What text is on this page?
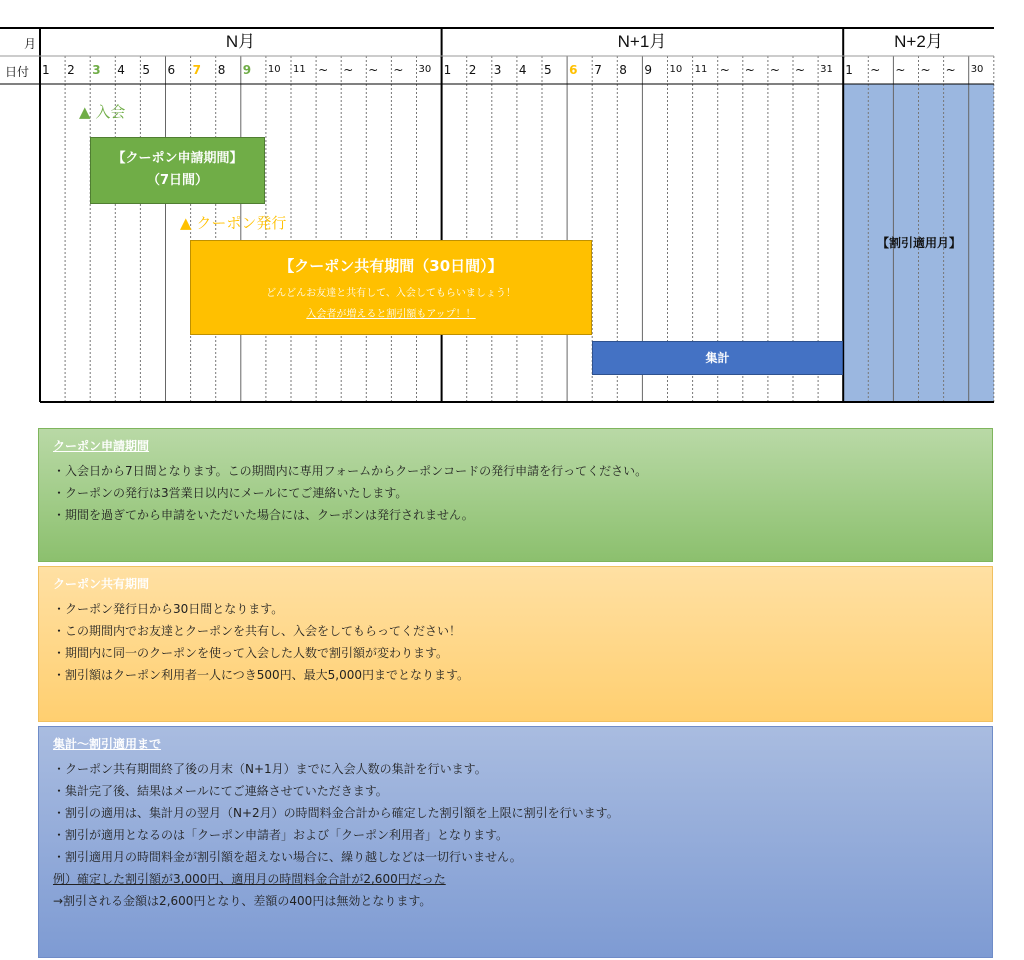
月
日付
N月	N+1月	N+2月
1	2	3	4	5	6	7	8	9	10	11	~	~	~	~	30	1	2	3	4	5	6	7	8	9	10	11	~	~	~	~	31	1	~	~	~	~	30
▲ 入会
【クーポン申請期間】
（7日間）
▲ クーポン発行
【クーポン共有期間（30日間）】
どんどんお友達と共有して、入会してもらいましょう！
入会者が増えると割引額もアップ！！
集計
【割引適用月】
クーポン申請期間
・入会日から7日間となります。この期間内に専用フォームからクーポンコードの発行申請を行ってください。
・クーポンの発行は3営業日以内にメールにてご連絡いたします。
・期間を過ぎてから申請をいただいた場合には、クーポンは発行されません。
クーポン共有期間
・クーポン発行日から30日間となります。
・この期間内でお友達とクーポンを共有し、入会をしてもらってください！
・期間内に同一のクーポンを使って入会した人数で割引額が変わります。
・割引額はクーポン利用者一人につき500円、最大5,000円までとなります。
集計～割引適用まで
・クーポン共有期間終了後の月末（N+1月）までに入会人数の集計を行います。
・集計完了後、結果はメールにてご連絡させていただきます。
・割引の適用は、集計月の翌月（N+2月）の時間料金合計から確定した割引額を上限に割引を行います。
・割引が適用となるのは「クーポン申請者」および「クーポン利用者」となります。
・割引適用月の時間料金が割引額を超えない場合に、繰り越しなどは一切行いません。
例）確定した割引額が3,000円、適用月の時間料金合計が2,600円だった
→割引される金額は2,600円となり、差額の400円は無効となります。
